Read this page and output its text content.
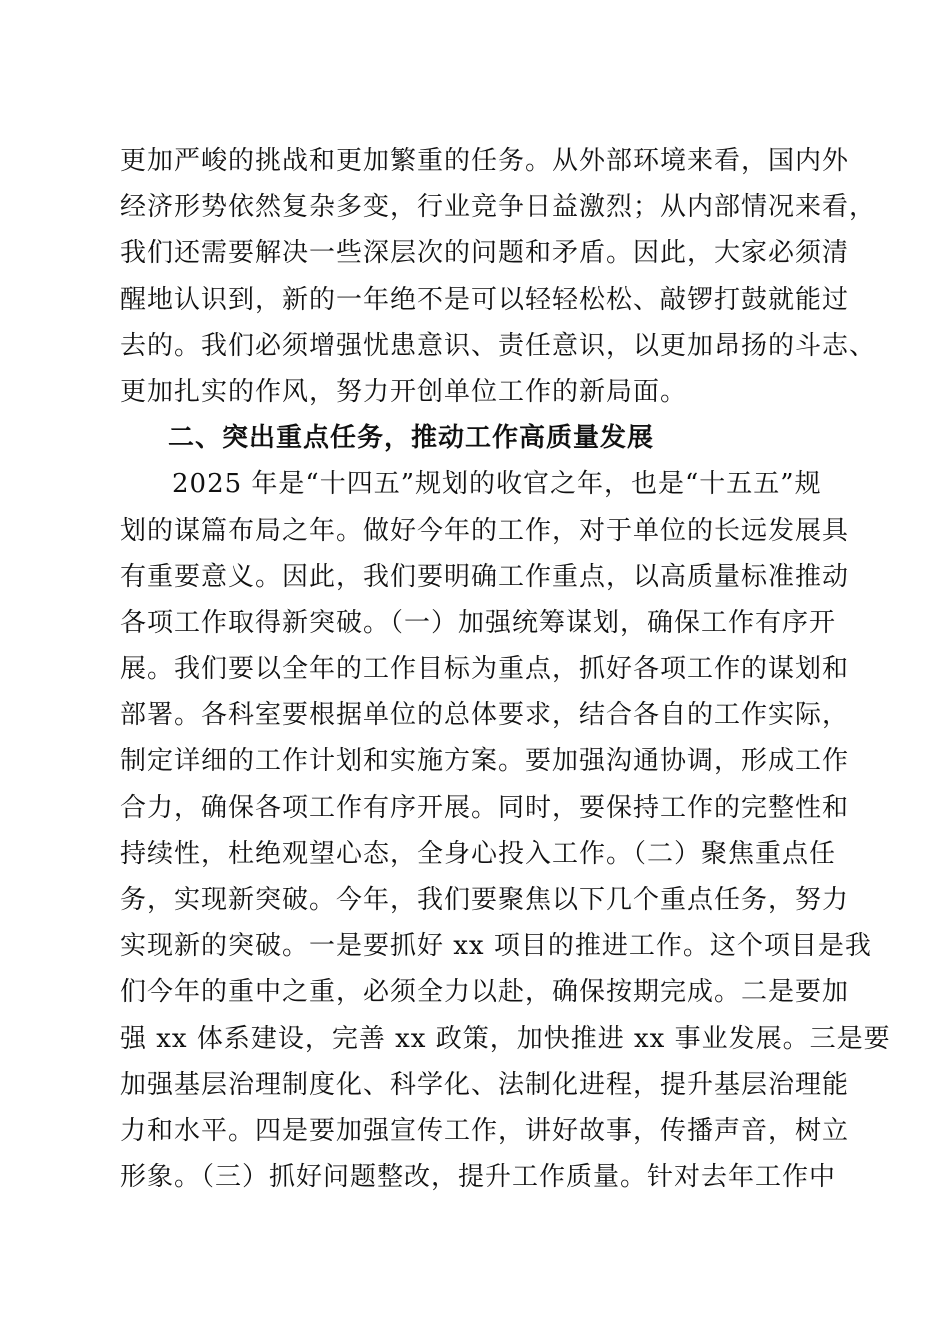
更加严峻的挑战和更加繁重的任务。从外部环境来看，国内外
经济形势依然复杂多变，行业竞争日益激烈；从内部情况来看，
我们还需要解决一些深层次的问题和矛盾。因此，大家必须清
醒地认识到，新的一年绝不是可以轻轻松松、敲锣打鼓就能过
去的。我们必须增强忧患意识、责任意识，以更加昂扬的斗志、
更加扎实的作风，努力开创单位工作的新局面。
二、突出重点任务，推动工作高质量发展
2025 年是“十四五”规划的收官之年，也是“十五五”规
划的谋篇布局之年。做好今年的工作，对于单位的长远发展具
有重要意义。因此，我们要明确工作重点，以高质量标准推动
各项工作取得新突破。（一）加强统筹谋划，确保工作有序开
展。我们要以全年的工作目标为重点，抓好各项工作的谋划和
部署。各科室要根据单位的总体要求，结合各自的工作实际，
制定详细的工作计划和实施方案。要加强沟通协调，形成工作
合力，确保各项工作有序开展。同时，要保持工作的完整性和
持续性，杜绝观望心态，全身心投入工作。（二）聚焦重点任
务，实现新突破。今年，我们要聚焦以下几个重点任务，努力
实现新的突破。一是要抓好 xx 项目的推进工作。这个项目是我
们今年的重中之重，必须全力以赴，确保按期完成。二是要加
强 xx 体系建设，完善 xx 政策，加快推进 xx 事业发展。三是要
加强基层治理制度化、科学化、法制化进程，提升基层治理能
力和水平。四是要加强宣传工作，讲好故事，传播声音，树立
形象。（三）抓好问题整改，提升工作质量。针对去年工作中
